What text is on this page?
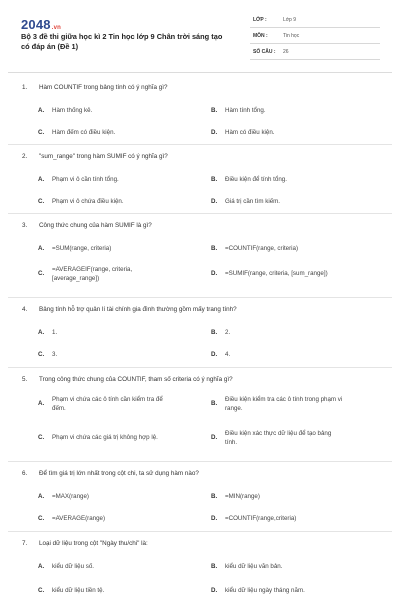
2048.vn
Bộ 3 đề thi giữa học kì 2 Tin học lớp 9 Chân trời sáng tạo có đáp án (Đề 1)
LỚP :	Lớp 9
MÔN :	Tin học
SỐ CÂU : 26
1. Hàm COUNTIF trong bảng tính có ý nghĩa gì?
A. Hàm thống kê.	B. Hàm tính tổng.
C. Hàm đếm có điều kiện.	D. Hàm có điều kiện.
2. "sum_range" trong hàm SUMIF có ý nghĩa gì?
A. Phạm vi ô cần tính tổng.	B. Điều kiện để tính tổng.
C. Phạm vi ô chứa điều kiện.	D. Giá trị cần tìm kiếm.
3. Công thức chung của hàm SUMIF là gì?
A. =SUM(range, criteria)	B. =COUNTIF(range, criteria)
C.
=AVERAGEIF(range, criteria,
[average_range])
D. =SUMIF(range, criteria, [sum_range])
4. Bảng tính hỗ trợ quản lí tài chính gia đình thường gồm mấy trang tính?
A. 1.	B. 2.
C. 3.	D. 4.
5. Trong công thức chung của COUNTIF, tham số criteria có ý nghĩa gì?
A.
Phạm vi chứa các ô tính cần kiểm tra để
đếm.
B.
Điều kiện kiểm tra các ô tính trong phạm vi
range.
C. Phạm vi chứa các giá trị không hợp lệ.	D.
Điều kiện xác thực dữ liệu để tạo bảng
tính.
6. Để tìm giá trị lớn nhất trong cột chi, ta sử dụng hàm nào?
A. =MAX(range)	B. =MIN(range)
C. =AVERAGE(range)	D. =COUNTIF(range,criteria)
7. Loại dữ liệu trong cột "Ngày thu/chi" là:
A. kiểu dữ liệu số.	B. kiểu dữ liệu văn bản.
C. kiểu dữ liệu tiền tệ.	D. kiểu dữ liệu ngày tháng năm.
